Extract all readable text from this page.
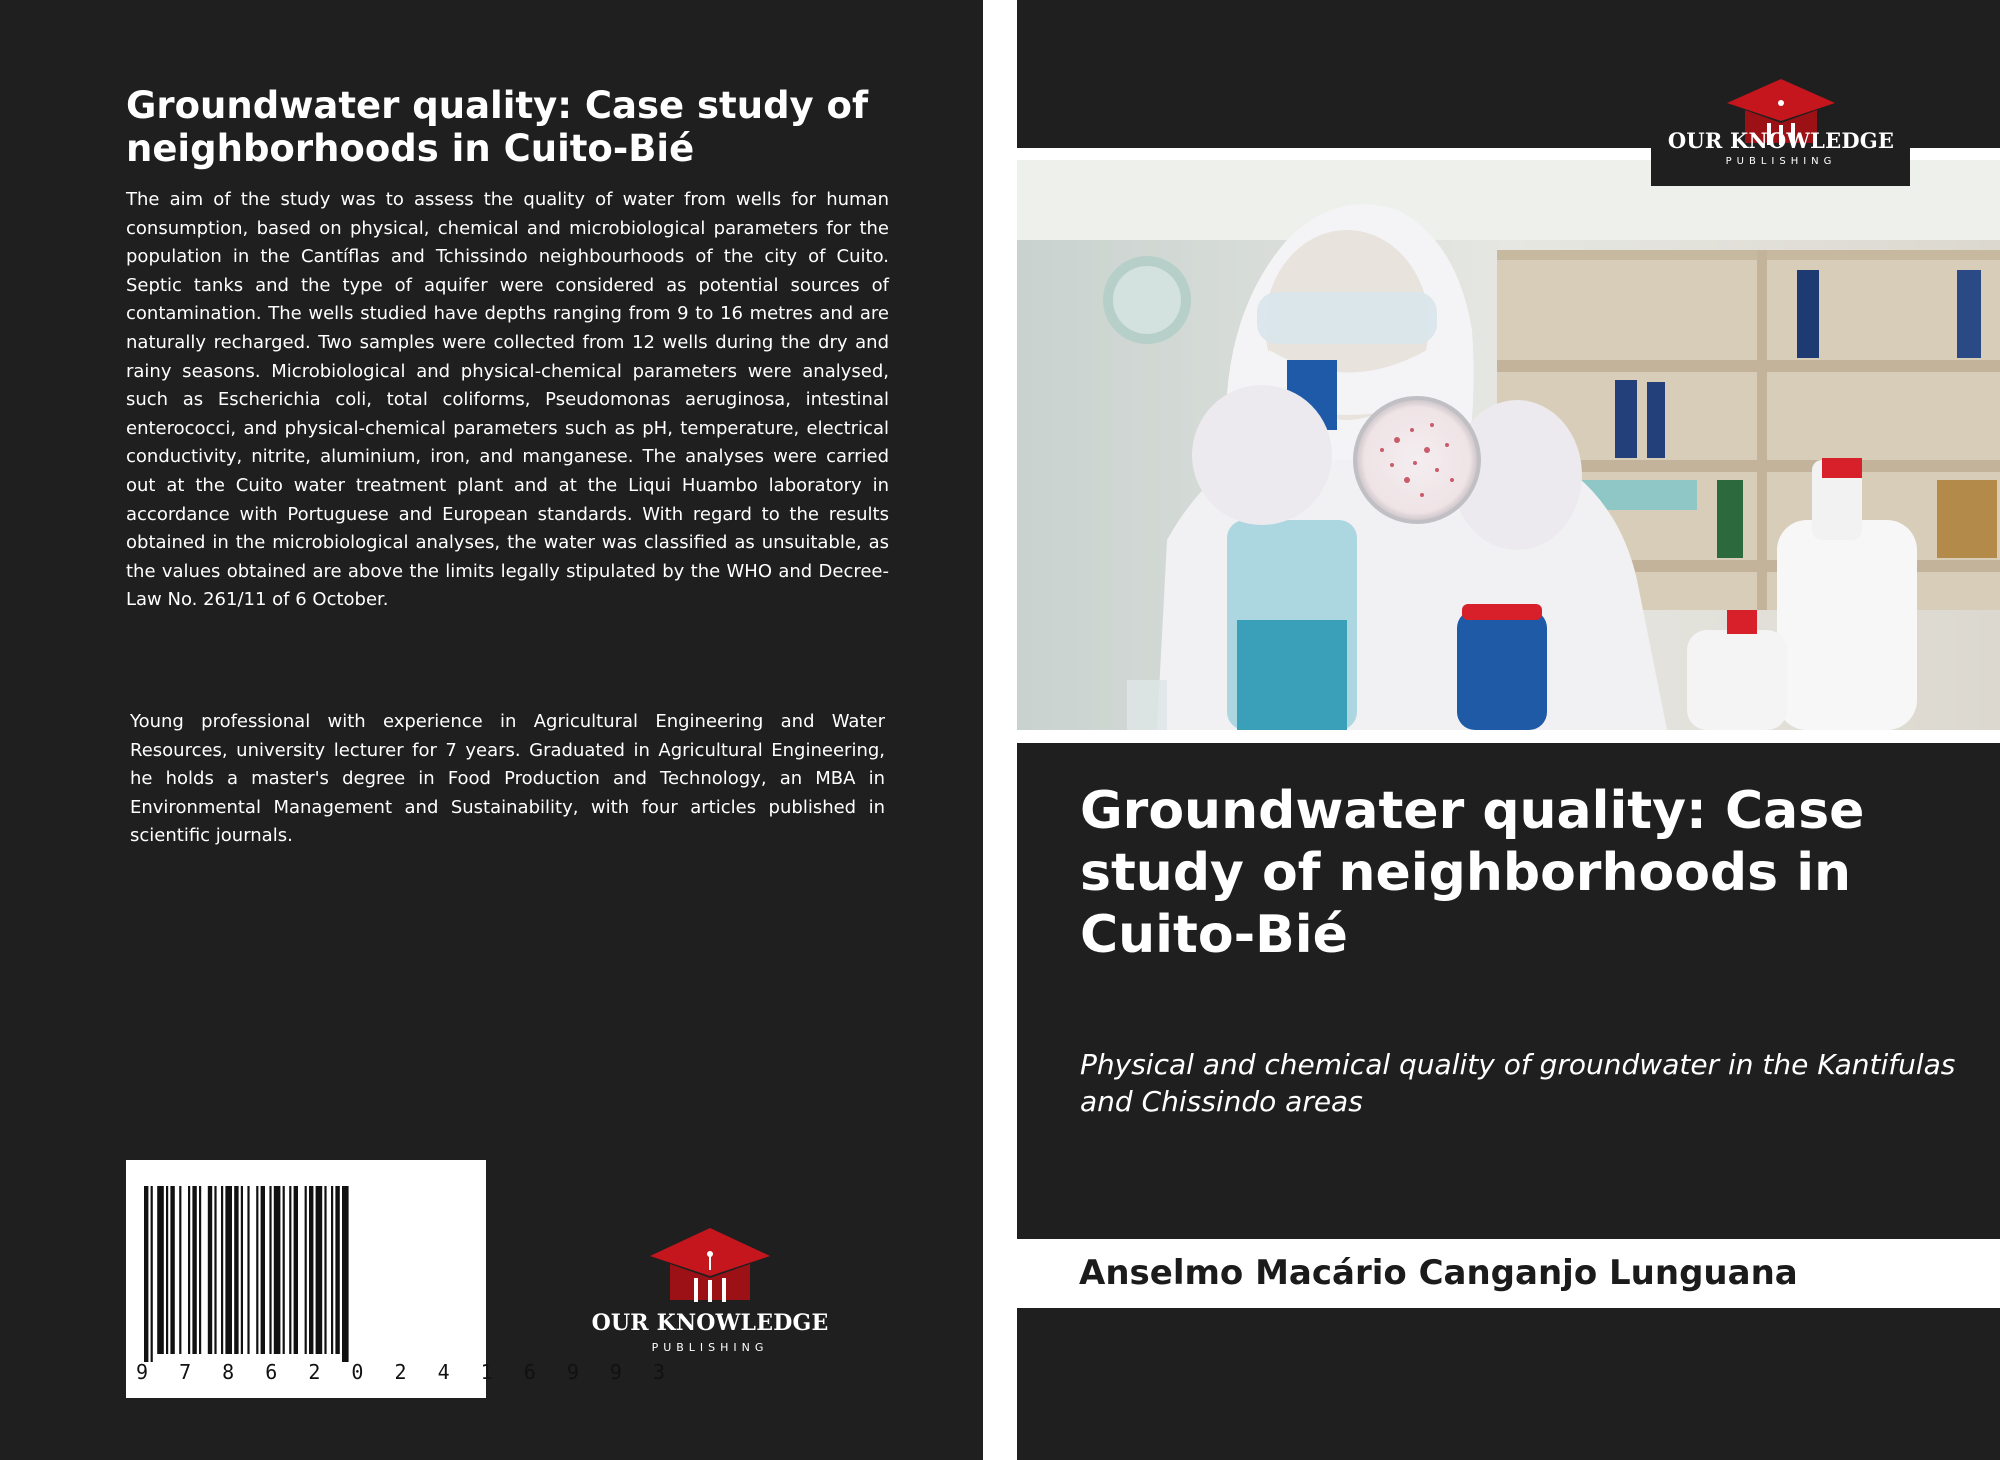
Groundwater quality: Case study of neighborhoods in Cuito-Bié

The aim of the study was to assess the quality of water from wells for human consumption, based on physical, chemical and microbiological parameters for the population in the Cantíflas and Tchissindo neighbourhoods of the city of Cuito. Septic tanks and the type of aquifer were considered as potential sources of contamination. The wells studied have depths ranging from 9 to 16 metres and are naturally recharged. Two samples were collected from 12 wells during the dry and rainy seasons. Microbiological and physical-chemical parameters were analysed, such as Escherichia coli, total coliforms, Pseudomonas aeruginosa, intestinal enterococci, and physical-chemical parameters such as pH, temperature, electrical conductivity, nitrite, aluminium, iron, and manganese. The analyses were carried out at the Cuito water treatment plant and at the Liqui Huambo laboratory in accordance with Portuguese and European standards. With regard to the results obtained in the microbiological analyses, the water was classified as unsuitable, as the values obtained are above the limits legally stipulated by the WHO and Decree-Law No. 261/11 of 6 October.

Young professional with experience in Agricultural Engineering and Water Resources, university lecturer for 7 years. Graduated in Agricultural Engineering, he holds a master's degree in Food Production and Technology, an MBA in Environmental Management and Sustainability, with four articles published in scientific journals.

9 7 8 6 2 0 2 4 1 6 9 9 3
OUR KNOWLEDGE
PUBLISHING
OUR KNOWLEDGE
PUBLISHING
Groundwater quality: Case study of neighborhoods in Cuito-Bié

Physical and chemical quality of groundwater in the Kantifulas and Chissindo areas

Anselmo Macário Canganjo Lunguana
